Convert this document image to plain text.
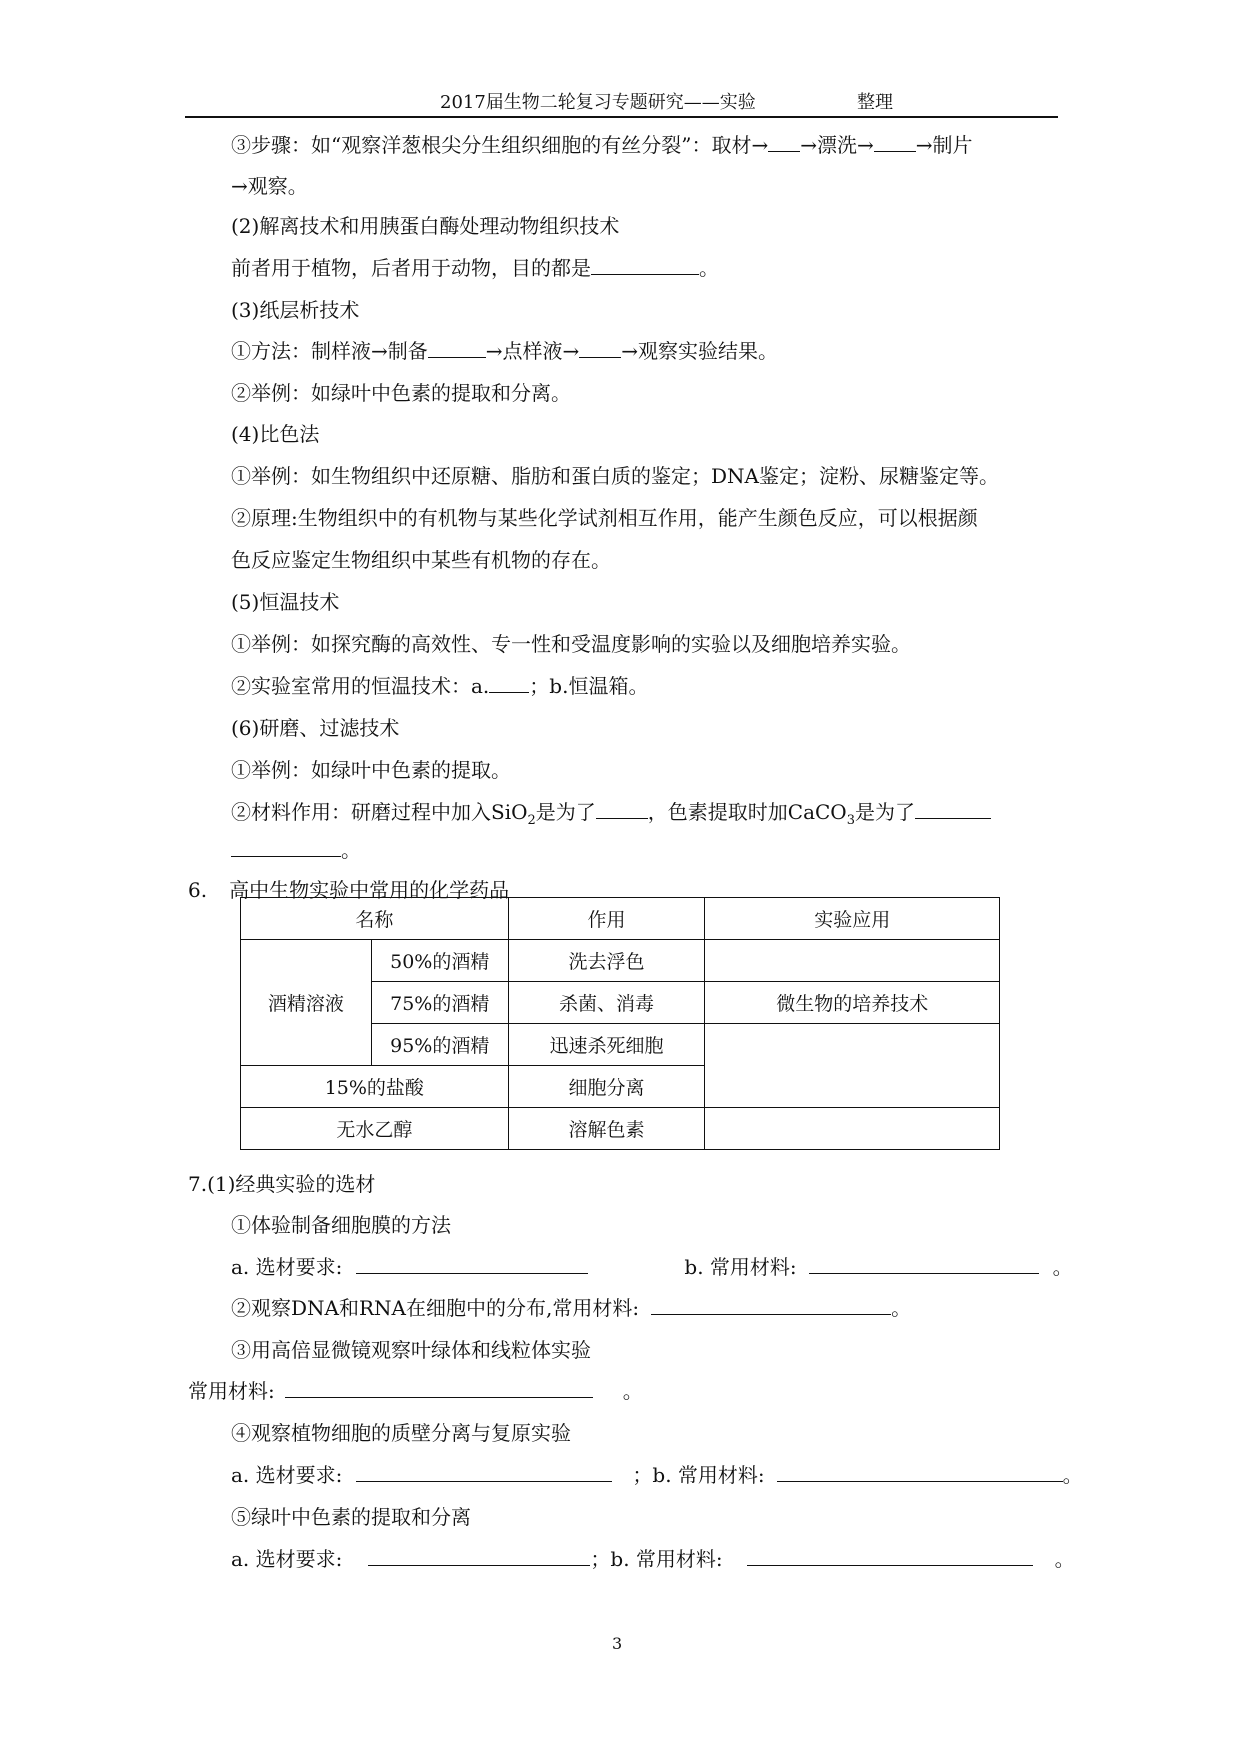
2017届生物二轮复习专题研究——实验	整理
③步骤：如“观察洋葱根尖分生组织细胞的有丝分裂”：取材→ →漂洗→ →制片
→观察。
(2)解离技术和用胰蛋白酶处理动物组织技术
前者用于植物，后者用于动物，目的都是	。
(3)纸层析技术
①方法：制样液→制备	→点样液→ →观察实验结果。
②举例：如绿叶中色素的提取和分离。
(4)比色法
①举例：如生物组织中还原糖、脂肪和蛋白质的鉴定；DNA鉴定；淀粉、尿糖鉴定等。
②原理:生物组织中的有机物与某些化学试剂相互作用，能产生颜色反应，可以根据颜
色反应鉴定生物组织中某些有机物的存在。
(5)恒温技术
①举例：如探究酶的高效性、专一性和受温度影响的实验以及细胞培养实验。
②实验室常用的恒温技术：a. ；b.恒温箱。
(6)研磨、过滤技术
①举例：如绿叶中色素的提取。
②材料作用：研磨过程中加入SiO$_2$是为了	，色素提取时加CaCO$_3$是为了
。
6. 高中生物实验中常用的化学药品
名称		作用	实验应用
酒精溶液	50%的酒精	洗去浮色	
	75%的酒精	杀菌、消毒	微生物的培养技术
	95%的酒精	迅速杀死细胞	
15%的盐酸		细胞分离	
无水乙醇		溶解色素	
7.(1)经典实验的选材
①体验制备细胞膜的方法
a. 选材要求:	b. 常用材料:	。
②观察DNA和RNA在细胞中的分布,常用材料:	。
③用高倍显微镜观察叶绿体和线粒体实验
常用材料:	。
④观察植物细胞的质壁分离与复原实验
a. 选材要求:	；b. 常用材料:	。
⑤绿叶中色素的提取和分离
a. 选材要求:	；b. 常用材料:	。
3
